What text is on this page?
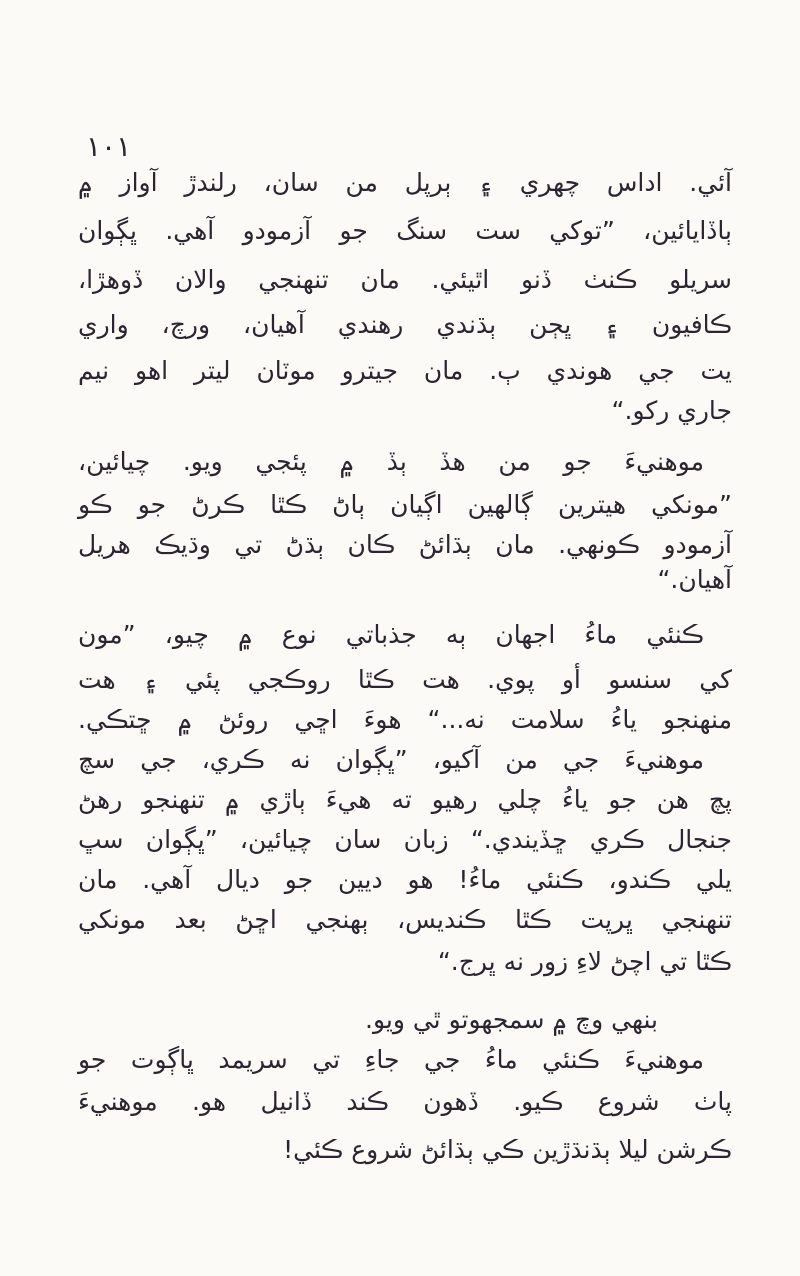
١٠١
آئي. اداس چهري ۽ ٻرپل من سان، رلندڙ آواز ۾
ٻاڏايائين، ”توکي ست سنگ جو آزمودو آهي. ڀڳوان
سريلو ڪنٺ ڏنو اٿيئي. مان تنهنجي والان ڏوهڙا،
ڪافيون ۽ ڀڄن ٻڌندي رهندي آهيان، ورچ، واري
يت جي هوندي ٻ. مان جيترو موٽان ليتر اهو نيم
جاري رکو.“
موهنيءَ جو من هڏ ٻڏ ۾ پئجي ويو. چيائين،
”مونکي هيترين ڳالهين اڳيان ٻاڻ ڪٿا ڪرڻ جو ڪو
آزمودو ڪونهي. مان ٻڌائڻ ڪان ٻڌڻ تي وڌيڪ هريل
آهيان.“
ڪنئي ماءُ اجهان ٻه جذباتي نوع ۾ چيو، ”مون
کي سنسو أو پوي. هت ڪٿا روڪجي پئي ۽ هت
منهنجو ياءُ سلامت نه...“ هوءَ اڇي روئڻ ۾ ڇتڪي.
موهنيءَ جي من آکيو، ”ڀڳوان نه ڪري، جي سچ
پچ هن جو ياءُ چلي رهيو ته هيءَ ٻاڙي ۾ تنهنجو رهڻ
جنجال ڪري ڇڏيندي.“ زبان سان چيائين، ”ڀڳوان سڀ
يلي ڪندو، ڪنئي ماءُ! هو ديين جو ديال آهي. مان
تنهنجي ڀرپت ڪٿا ڪنديس، ٻهنجي اڇڻ بعد مونکي
ڪٿا تي اچڻ لاءِ زور نه ڀرج.“
بنهي وچ ۾ سمجهوتو ٿي ويو.
موهنيءَ ڪنئي ماءُ جي جاءِ تي سريمد ڀاڳوت جو
پاٺ شروع ڪيو. ڏهون ڪند ڏانيل هو. موهنيءَ
ڪرشن ليلا ٻڌنڌڙين ڪي ٻڌائڻ شروع ڪئي!
